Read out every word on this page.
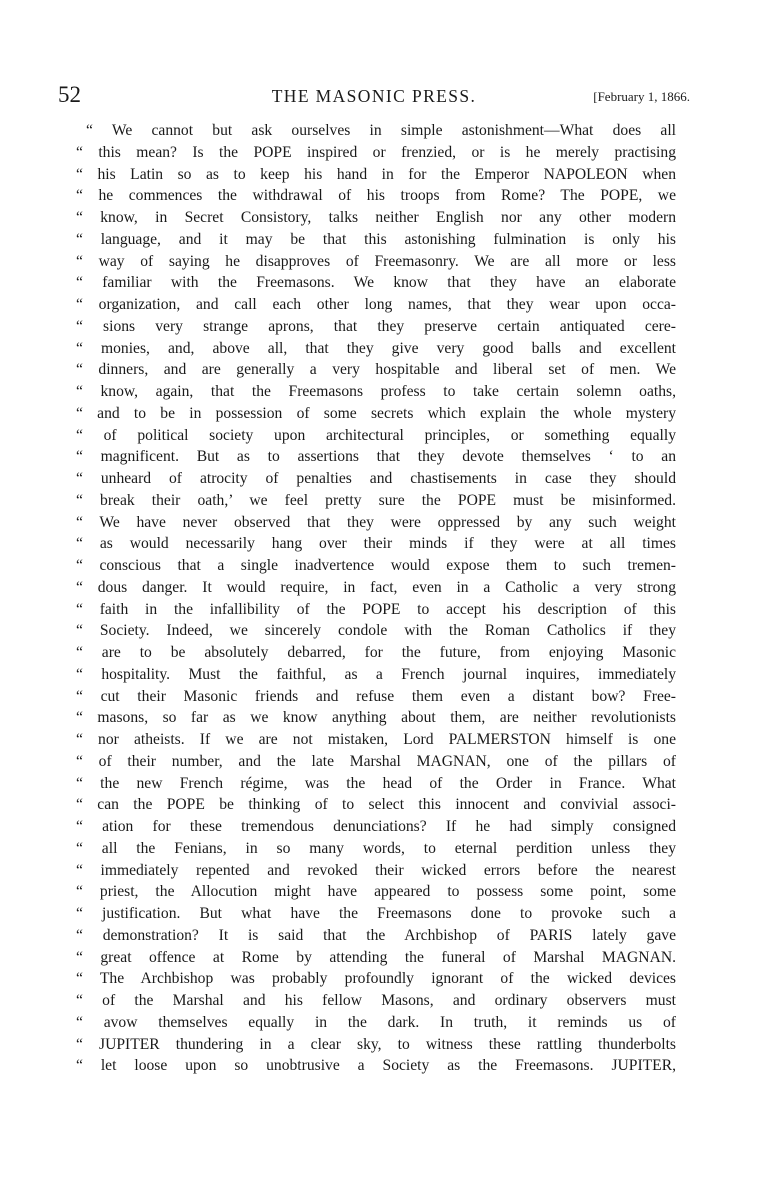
52	THE MASONIC PRESS.	[February 1, 1866.
“ We cannot but ask ourselves in simple astonishment—What does all
“ this mean? Is the POPE inspired or frenzied, or is he merely practising
“ his Latin so as to keep his hand in for the Emperor NAPOLEON when
“ he commences the withdrawal of his troops from Rome? The POPE, we
“ know, in Secret Consistory, talks neither English nor any other modern
“ language, and it may be that this astonishing fulmination is only his
“ way of saying he disapproves of Freemasonry. We are all more or less
“ familiar with the Freemasons. We know that they have an elaborate
“ organization, and call each other long names, that they wear upon occa-
“ sions very strange aprons, that they preserve certain antiquated cere-
“ monies, and, above all, that they give very good balls and excellent
“ dinners, and are generally a very hospitable and liberal set of men. We
“ know, again, that the Freemasons profess to take certain solemn oaths,
“ and to be in possession of some secrets which explain the whole mystery
“ of political society upon architectural principles, or something equally
“ magnificent. But as to assertions that they devote themselves ‘ to an
“ unheard of atrocity of penalties and chastisements in case they should
“ break their oath,’ we feel pretty sure the POPE must be misinformed.
“ We have never observed that they were oppressed by any such weight
“ as would necessarily hang over their minds if they were at all times
“ conscious that a single inadvertence would expose them to such tremen-
“ dous danger. It would require, in fact, even in a Catholic a very strong
“ faith in the infallibility of the POPE to accept his description of this
“ Society. Indeed, we sincerely condole with the Roman Catholics if they
“ are to be absolutely debarred, for the future, from enjoying Masonic
“ hospitality. Must the faithful, as a French journal inquires, immediately
“ cut their Masonic friends and refuse them even a distant bow? Free-
“ masons, so far as we know anything about them, are neither revolutionists
“ nor atheists. If we are not mistaken, Lord PALMERSTON himself is one
“ of their number, and the late Marshal MAGNAN, one of the pillars of
“ the new French régime, was the head of the Order in France. What
“ can the POPE be thinking of to select this innocent and convivial associ-
“ ation for these tremendous denunciations? If he had simply consigned
“ all the Fenians, in so many words, to eternal perdition unless they
“ immediately repented and revoked their wicked errors before the nearest
“ priest, the Allocution might have appeared to possess some point, some
“ justification. But what have the Freemasons done to provoke such a
“ demonstration? It is said that the Archbishop of PARIS lately gave
“ great offence at Rome by attending the funeral of Marshal MAGNAN.
“ The Archbishop was probably profoundly ignorant of the wicked devices
“ of the Marshal and his fellow Masons, and ordinary observers must
“ avow themselves equally in the dark. In truth, it reminds us of
“ JUPITER thundering in a clear sky, to witness these rattling thunderbolts
“ let loose upon so unobtrusive a Society as the Freemasons. JUPITER,
